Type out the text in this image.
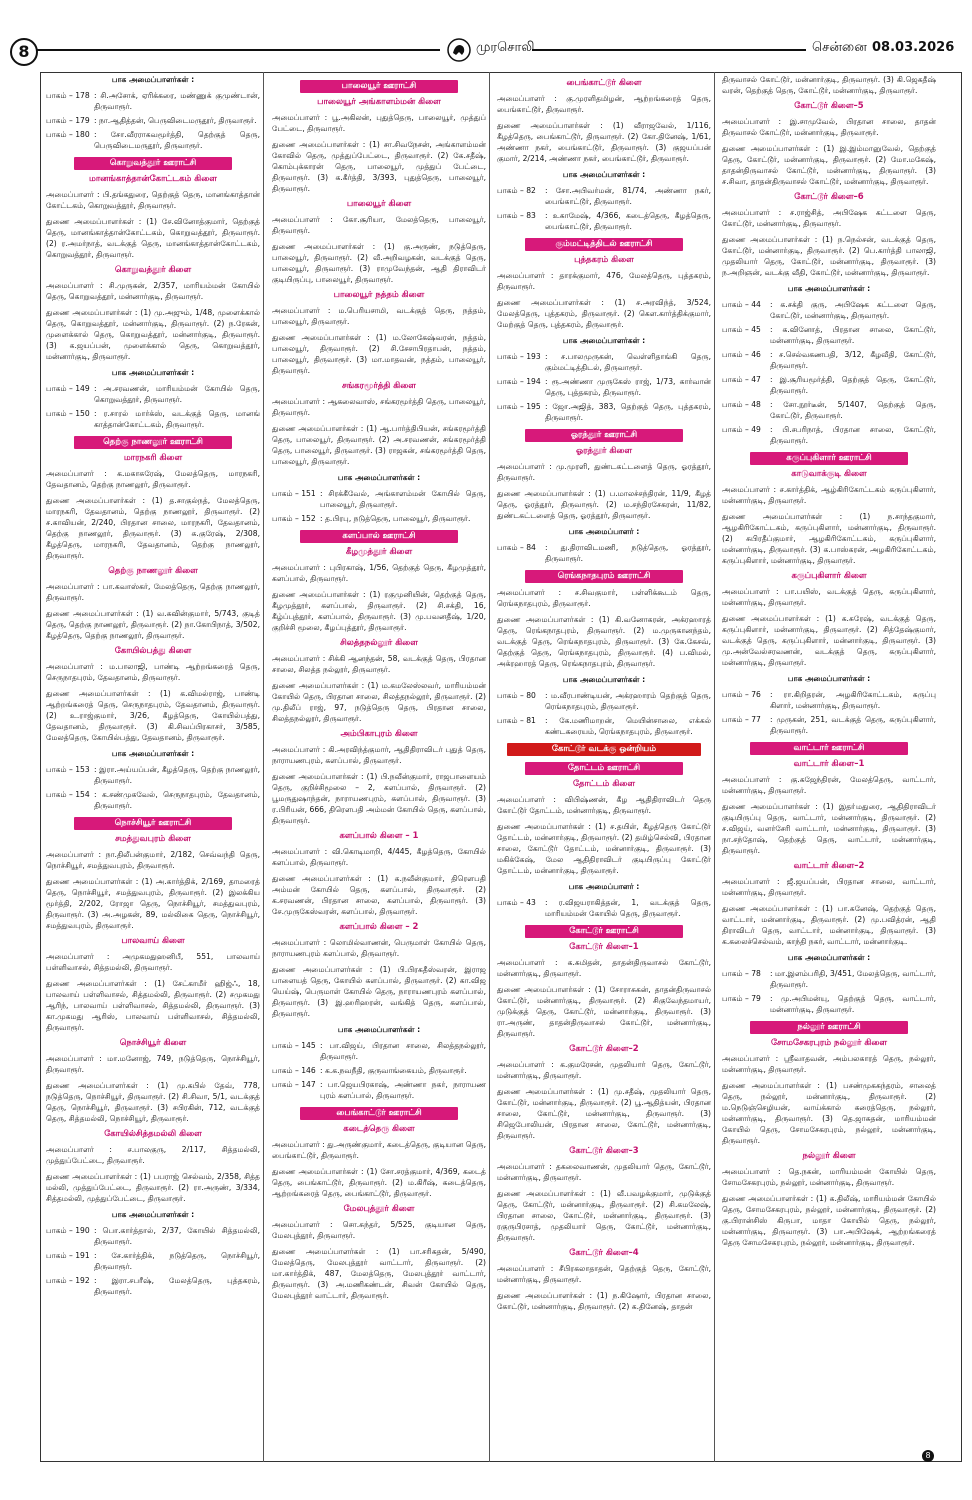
8	முரசொலி	சென்னை 08.03.2026
பாக அமைப்பாளர்கள் :
பாகம் – 178 : சி.அசோக், ஏரிக்கரை, மண்ணுக் குமுண்டான், திருவாரூர்.
பாகம் – 179 : நா.ஆதித்தன், பெருவிடைமருதூர், திருவாரூர்.
பாகம் – 180 : சோ.வீரராகவமூர்த்தி, தெற்குத் தெரு, பெருவிடைமருதூர், திருவாரூர்.
கொறுவத்தூர் ஊராட்சி
மானங்காத்தான்கோட்டகம் கிளை
அமைப்பாளர் : பி.தங்கதுரை, தெற்குத் தெரு, மானங்காத்தான் கோட்டகம், கொறுவத்தூர், திருவாரூர்.
துணை அமைப்பாளர்கள் : (1) சே.வினோத்குமார், தெற்குத் தெரு, மானங்காத்தான்கோட்டகம், கொறுவத்தூர், திருவாரூர். (2) ர.அமர்நாத், வடக்குத் தெரு, மானங்காத்தான்கோட்டகம், கொறுவத்தூர், திருவாரூர்.
கொறுவத்தூர் கிளை
அமைப்பாளர் : சி.முருகன், 2/357, மாரியம்மன் கோயில் தெரு, கொறுவத்தூர், மன்னார்குடி, திருவாரூர்.
துணை அமைப்பாளர்கள் : (1) மு.அஜும், 1/48, முளைக்கால் தெரு, கொறுவத்தூர், மன்னார்குடி, திருவாரூர். (2) ந.ரேகன், முளைக்கால் தெரு, கொறுவத்தூர், மன்னார்குடி, திருவாரூர். (3) க.ஜயப்பன், முளைக்கால் தெரு, கொறுவத்தூர், மன்னார்குடி, திருவாரூர்.
பாக அமைப்பாளர்கள் :
பாகம் – 149 : அ.சரவணன், மாரியம்மன் கோயில் தெரு, கொறுவத்தூர், திருவாரூர்.
பாகம் – 150 : ர.சாரல் மார்க்ஸ், வடக்குத் தெரு, மானங் காத்தான்கோட்டகம், திருவாரூர்.
தெற்கு நாணலூர் ஊராட்சி
மாரநகரி கிளை
அமைப்பாளர் : க.மகாசுரேஷ், மேலத்தெரு, மாரநகரி, தேவதானம், தெற்கு நாணலூர், திருவாரூர்.
துணை அமைப்பாளர்கள் : (1) த.சாகுல்நத், மேலத்தெரு, மாரநகரி, தேவதானம், தெற்கு நாணலூர், திருவாரூர். (2) ச.காவியன், 2/240, பிரதான சாலை, மாரநகரி, தேவதானம், தெற்கு நாணலூர், திருவாரூர். (3) சு.குரேஷ், 2/308, கீழத்தெரு, மாரநகரி, தேவதானம், தெற்கு நாணலூர், திருவாரூர்.
தெற்கு நாணலூர் கிளை
அமைப்பாளர் : பா.கவாஸ்கர், மேலத்தெரு, தெற்கு நாணலூர், திருவாரூர்.
துணை அமைப்பாளர்கள் : (1) வ.சுவின்குமார், 5/743, குடித் தெரு, தெற்கு நாணலூர், திருவாரூர். (2) நா.கோபிநாத், 3/502, கீழத்தெரு, தெற்கு நாணலூர், திருவாரூர்.
கோயில்பத்து கிளை
அமைப்பாளர் : ம.பாலாஜி, பாண்டி ஆற்றங்கரைத் தெரு, செருநாதபுரம், தேவதானம், திருவாரூர்.
துணை அமைப்பாளர்கள் : (1) க.விமல்ராஜ், பாண்டி ஆற்றங்கரைத் தெரு, செருநாதபுரம், தேவதானம், திருவாரூர். (2) உ.ராஜ்குமார், 3/26, கீழத்தெரு, கோயில்பத்து, தேவதானம், திருவாரூர். (3) கி.சிவப்பிரகாசர், 3/585, மேலத்தெரு, கோயில்பத்து, தேவதானம், திருவாரூர்.
பாக அமைப்பாளர்கள் :
பாகம் – 153 : இரா.அய்யப்பன், கீழத்தெரு, தெற்கு நாணலூர், திருவாரூர்.
பாகம் – 154 : க.சண்முகவேல், செருநாதபுரம், தேவதானம், திருவாரூர்.
நொச்சியூர் ஊராட்சி
சமத்துவபுரம் கிளை
அமைப்பாளர் : நா.திலீபன்குமார், 2/182, செவ்வந்தி தெரு, நொச்சியூர், சமத்துவபுரம், திருவாரூர்.
துணை அமைப்பாளர்கள் : (1) அ.கார்த்திக், 2/169, தாமரைத் தெரு, நொச்சியூர், சமத்துவபுரம், திருவாரூர். (2) இலக்கிய மூர்த்தி, 2/202, ரோஜா தெரு, நொச்சியூர், சமத்துவபுரம், திருவாரூர். (3) அ.அழகன், 89, மல்லிகை தெரு, நொச்சியூர், சமத்துவபுரம், திருவாரூர்.
பாலவாய் கிளை
அமைப்பாளர் : அமுகமதுஹனிபீ, 551, பாலவாய் பள்ளிவாசல், சித்தமல்லி, திருவாரூர்.
துணை அமைப்பாளர்கள் : (1) சேட்காமீர் ஹிஜ்ஃ, 18, பாலவாய் பள்ளிவாசல், சித்தமல்லி, திருவாரூர். (2) சமுகமது ஆரிந், பாலவாய் பள்ளிவாசல், சித்தமல்லி, திருவாரூர். (3) கா.முகமது ஆரிஸ், பாலவாய் பள்ளிவாசல், சித்தமல்லி, திருவாரூர்.
நொச்சியூர் கிளை
அமைப்பாளர் : மா.மனோஜ், 749, நடுத்தெரு, நொச்சியூர், திருவாரூர்.
துணை அமைப்பாளர்கள் : (1) மு.கபில் தேவ், 778, நடுத்தெரு, நொச்சியூர், திருவாரூர். (2) சி.சிவா, 5/1, வடக்குத் தெரு, நொச்சியூர், திருவாரூர். (3) சபிரகின், 712, வடக்குத் தெரு, சித்தமல்லி, நொச்சியூர், திருவாரூர்.
கோயில்சித்தமல்லி கிளை
அமைப்பாளர் : ச.பாலகுரு, 2/117, சித்தமல்லி, முத்துப்பேட்டை, திருவாரூர்.
துணை அமைப்பாளர்கள் : (1) பபராஜ் செல்வம், 2/358, சித்த மல்லி, முத்துப்பேட்டை, திருவாரூர். (2) ரா.அருண், 3/334, சித்தமல்லி, முத்துப்பேட்டை, திருவாரூர்.
பாக அமைப்பாளர்கள் :
பாகம் – 190 : பொ.கார்த்தால், 2/37, கோயில் சித்தமல்லி, திருவாரூர்.
பாகம் – 191 : சே.கார்த்திக், நடுத்தெரு, நொச்சியூர், திருவாரூர்.
பாகம் – 192 : இரா.சபரீஷ், மேலத்தெரு, புத்தகரம், திருவாரூர்.
பாலையூர் ஊராட்சி
பாலையூர் அங்காளம்மன் கிளை
அமைப்பாளர் : பூ.அகிலன், புதுத்தெரு, பாலையூர், முத்துப் பேட்டை, திருவாரூர்.
துணை அமைப்பாளர்கள் : (1) சா.சிவநேசன், அங்காளம்மன் கோவில் தெரு, முத்துப்பேட்டை, திருவாரூர். (2) கே.சதீஷ், கொம்புக்காரன் தெரு, பாலையூர், முத்துப் பேட்டை, திருவாரூர். (3) க.கீர்த்தி, 3/393, புதுத்தெரு, பாலையூர், திருவாரூர்.
பாலையூர் கிளை
அமைப்பாளர் : கோ.சூரியா, மேலத்தெரு, பாலையூர், திருவாரூர்.
துணை அமைப்பாளர்கள் : (1) கு.அருண், நடுத்தெரு, பாலையூர், திருவாரூர். (2) வீ.அறிவழகன், வடக்குத் தெரு, பாலையூர், திருவாரூர். (3) ராமுவேந்தன், ஆதி திராவிடர் குடியிருப்பு, பாலையூர், திருவாரூர்.
பாலையூர் நத்தம் கிளை
அமைப்பாளர் : ம.பெரியசாமி, வடக்குத் தெரு, நத்தம், பாலையூர், திருவாரூர்.
துணை அமைப்பாளர்கள் : (1) ம.லோகேஷ்வரன், நத்தம், பாலையூர், திருவாரூர். (2) சி.சேசாபிரதாபன், நத்தம், பாலையூர், திருவாரூர். (3) மா.மாதவன், நத்தம், பாலையூர், திருவாரூர்.
சங்கரமூர்த்தி கிளை
அமைப்பாளர் : ஆகலைவாஸ், சங்கரமூர்த்தி தெரு, பாலையூர், திருவாரூர்.
துணை அமைப்பாளர்கள் : (1) ஆ.பார்த்திபியன், சங்கரமூர்த்தி தெரு, பாலையூர், திருவாரூர். (2) அ.சரவணன், சங்கரமூர்த்தி தெரு, பாலையூர், திருவாரூர். (3) ராஜகன், சங்கரமூர்த்தி தெரு, பாலையூர், திருவாரூர்.
பாக அமைப்பாளர்கள் :
பாகம் – 151 : சிரக்கீவேல், அங்காளம்மன் கோயில் தெரு, பாலையூர், திருவாரூர்.
பாகம் – 152 : த.பிரபு, நடுத்தெரு, பாலையூர், திருவாரூர்.
களப்பால் ஊராட்சி
கீழமுத்தூர் கிளை
அமைப்பாளர் : புபிரகாஷ், 1/56, தெற்குத் தெரு, கீழமுத்தூர், களப்பால், திருவாரூர்.
துணை அமைப்பாளர்கள் : (1) ரகுமுனியின், தெற்குத் தெரு, கீழமுத்தூர், களப்பால், திருவாரூர். (2) சி.சக்தி, 16, கீழ்ப்புத்தூர், களப்பால், திருவாரூர். (3) மு.பவனதீஷ், 1/20, குறிச்சி மூலை, கீழப்புத்தூர், திருவாரூர்.
சிலத்தநல்லூர் கிளை
அமைப்பாளர் : சிக்கி ஆனந்தன், 58, வடக்குத் தெரு, பிரதான சாலை, சிலத்த நல்லூர், திருவாரூர்.
துணை அமைப்பாளர்கள் : (1) ம.கமலேஸ்லவர், மாரியம்மன் கோயில் தெரு, பிரதான சாலை, சிலத்தநல்லூர், திருவாரூர். (2) மு.திலீப் ராஜ், 97, நடுத்தெரு தெரு, பிரதான சாலை, சிலத்தநல்லூர், திருவாரூர்.
அம்பிகாபுரம் கிளை
அமைப்பாளர் : கி.அரவிந்த்குமார், ஆதிதிராவிடர் புதுத் தெரு, நாராயணபுரம், களப்பால், திருவாரூர்.
துணை அமைப்பாளர்கள் : (1) பி.நவீன்குமார், ராஜபாளையம் தெரு, குறிச்சிமூலை – 2, களப்பால், திருவாரூர். (2) பூமருதுஷாந்தன், நாராயணபுரம், களப்பால், திருவாரூர். (3) ர.பிரியன், 666, திரௌபதி அம்மன் கோயில் தெரு, களப்பால், திருவாரூர்.
களப்பால் கிளை – 1
அமைப்பாளர் : வி.கொடிமாறி, 4/445, கீழத்தெரு, கோயில் களப்பால், திருவாரூர்.
துணை அமைப்பாளர்கள் : (1) க.நவீன்குமார், திரௌபதி அம்மன் கோயில் தெரு, களப்பால், திருவாரூர். (2) க.சரவணன், பிரதான சாலை, களப்பால், திருவாரூர். (3) சே.முருகேஸ்வரன், களப்பால், திருவாரூர்.
களப்பால் கிளை – 2
அமைப்பாளர் : லொமில்வாணன், பெருமாள் கோயில் தெரு, நாராயணபுரம் களப்பால், திருவாரூர்.
துணை அமைப்பாளர்கள் : (1) பி.பிரகதீஸ்வரன், இராஜ பாளையத் தெரு, கோயில் களப்பால், திருவாரூர். (2) கா.விஜ யெய்ஷ், பெருமாள் கோயில் தெரு, நாராயணபுரம் களப்பால், திருவாரூர். (3) இ.ஹரிஹரன், வங்கித் தெரு, களப்பால், திருவாரூர்.
பாக அமைப்பாளர்கள் :
பாகம் – 145 : பா.விஜய், பிரதான சாலை, சிலத்தநல்லூர், திருவாரூர்.
பாகம் – 146 : க.க.நவநீதி, குருவாங்கையம், திருவாரூர்.
பாகம் – 147 : பா.ஜெயபிரகாஷ், அண்ணா நகர், நாராயண புரம் களப்பால், திருவாரூர்.
பைங்காட்டூர் ஊராட்சி
கடைத்தெரு கிளை
அமைப்பாளர் : து.அருண்குமார், கடைத்தெரு, குடியான தெரு, பைங்காட்டூர், திருவாரூர்.
துணை அமைப்பாளர்கள் : (1) சோ.சரத்குமார், 4/369, கடைத் தெரு, பைங்காட்டூர், திருவாரூர். (2) ம.கிரீஷ், கடைத்தெரு, ஆற்றங்கரைத் தெரு, பைங்காட்டூர், திருவாரூர்.
மேலபுத்தூர் கிளை
அமைப்பாளர் : சொ.சுந்தர், 5/525, குடியான தெரு, மேலபுத்தூர், திருவாரூர்.
துணை அமைப்பாளர்கள் : (1) பா.சரிகதன், 5/490, மேலத்தெரு, மேலபுத்தூர் வாட்டார், திருவாரூர். (2) மா.கார்த்திக், 487, மேலத்தெரு, மேலபுத்தூர் வாட்டார், திருவாரூர். (3) அ.மணிகண்டன், சிவன் கோயில் தெரு, மேலபுத்தூர் வாட்டார், திருவாரூர்.
பைங்காட்டூர் கிளை
அமைப்பாளர் : கு.முரளிதமிழன், ஆற்றங்கரைத் தெரு, பைங்காட்டூர், திருவாரூர்.
துணை அமைப்பாளர்கள் : (1) வீராஜவேல், 1/116, கீழத்தெரு, பைங்காட்டூர், திருவாரூர். (2) கோ.தினேஷ், 1/61, அண்ணா நகர், பைங்காட்டூர், திருவாரூர். (3) குஜயப்பன் குமார், 2/214, அண்ணா நகர், பைங்காட்டூர், திருவாரூர்.
பாக அமைப்பாளர்கள் :
பாகம் – 82	: சோ.அபிவர்மன், 81/74, அண்ணா நகர், பைங்காட்டூர், திருவாரூர்.
பாகம் – 83	: உகாமேஷ், 4/366, கடைத்தெரு, கீழத்தெரு, பைங்காட்டூர், திருவாரூர்.
கும்மட்டித்திடல் ஊராட்சி
புத்தகரம் கிளை
அமைப்பாளர் : தாரக்குமார், 476, மேலத்தெரு, புத்தகரம், திருவாரூர்.
துணை அமைப்பாளர்கள் : (1) ச.அரவிந்த், 3/524, மேலத்தெரு, புத்தகரம், திருவாரூர். (2) கௌ.கார்த்திக்குமார், மேற்குத் தெரு, புத்தகரம், திருவாரூர்.
பாக அமைப்பாளர்கள் :
பாகம் – 193 : ச.பாலமுருகன், வெள்ளிதாங்கி தெரு, கும்மட்டித்திடல், திருவாரூர்.
பாகம் – 194 : ரூ.அண்ணா முருகேஸ் ராஜ், 1/73, கார்வான் தெரு, புத்தகரம், திருவாரூர்.
பாகம் – 195 : ஜோ.அஜித், 383, தெற்குத் தெரு, புத்தகரம், திருவாரூர்.
ஓரத்தூர் ஊராட்சி
ஓரத்தூர் கிளை
அமைப்பாளர் : மு.முரளி, துண்டகட்டளைத் தெரு, ஓரத்தூர், திருவாரூர்.
துணை அமைப்பாளர்கள் : (1) ப.மாலச்சந்திரன், 11/9, கீழத் தெரு, ஓரத்தூர், திருவாரூர். (2) ம.சந்திரசேகரன், 11/82, துண்டகட்டளைத் தெரு, ஓரத்தூர், திருவாரூர்.
பாக அமைப்பாளர் :
பாகம் – 84	: து.திராவிடமணி, நடுத்தெரு, ஓரத்தூர், திருவாரூர்.
ரெங்கநாதபுரம் ஊராட்சி
அமைப்பாளர் : ச.சிவகுமார், பள்ளிக்கூடம் தெரு, ரெங்கநாதபுரம், திருவாரூர்.
துணை அமைப்பாளர்கள் : (1) கி.வனோகரன், அக்ரஹாரத் தெரு, ரெங்கநாதபுரம், திருவாரூர். (2) ம.முருகானந்தம், வடக்குத் தெரு, ரெங்கநாதபுரம், திருவாரூர். (3) கே.கேசவ், தெற்குத் தெரு, ரெங்கநாதபுரம், திருவாரூர். (4) ப.விமல், அக்ரஹாரத் தெரு, ரெங்கநாதபுரம், திருவாரூர்.
பாக அமைப்பாளர்கள் :
பாகம் – 80	: ம.வீரபாண்டியன், அக்ரஹாரம் தெற்குத் தெரு, ரெங்கநாதபுரம், திருவாரூர்.
பாகம் – 81	: கே.மணிமாறன், மெயின்சாலை, எக்கல் கண்டகரையம், ரெங்கநாதபுரம், திருவாரூர்.
கோட்டூர் வடக்கு ஒன்றியம்
தோட்டம் ஊராட்சி
தோட்டம் கிளை
அமைப்பாளர் : விபிஷ்ணன், கீழ ஆதிதிராவிடர் தெரு கோட்டூர் தோட்டம், மன்னார்குடி, திருவாரூர்.
துணை அமைப்பாளர்கள் : (1) ச.தயிள், கீழத்தெரு கோட்டூர் தோட்டம், மன்னார்குடி, திருவாரூர். (2) தமிழ்செல்வி, பிரதான சாலை, கோட்டூர் தோட்டம், மன்னார்குடி, திருவாரூர். (3) மகிக்கேஷ், மேல ஆதிதிராவிடர் குடியிருப்பு கோட்டூர் தோட்டம், மன்னார்குடி, திருவாரூர்.
பாக அமைப்பாளர் :
பாகம் – 43	: ர.விஜயராகித்தன், 1, வடக்குத் தெரு, மாரியம்மன் கோயில் தெரு, திருவாரூர்.
கோட்டூர் ஊராட்சி
கோட்டூர் கிளை–1
அமைப்பாளர் : க.சுமிதன், தாதன்திருவாசல் கோட்டூர், மன்னார்குடி, திருவாரூர்.
துணை அமைப்பாளர்கள் : (1) சோராசுகன், தாதன்திருவாசல் கோட்டூர், மன்னார்குடி, திருவாரூர். (2) சிகுவேந்தமாயர், முடுக்குத் தெரு, கோட்டூர், மன்னார்குடி, திருவாரூர். (3) ரா.அருண், தாதன்திருவாசல் கோட்டூர், மன்னார்குடி, திருவாரூர்.
கோட்டூர் கிளை–2
அமைப்பாளர் : க.குமரேசன், முதலியார் தெரு, கோட்டூர், மன்னார்குடி, திருவாரூர்.
துணை அமைப்பாளர்கள் : (1) மு.சதீஷ், முதலியார் தெரு, கோட்டூர், மன்னார்குடி, திருவாரூர். (2) பூ.ஆதித்யன், பிரதான சாலை, கோட்டூர், மன்னார்குடி, திருவாரூர். (3) சிஜெபோலியன், பிரதான சாலை, கோட்டூர், மன்னார்குடி, திருவாரூர்.
கோட்டூர் கிளை–3
அமைப்பாளர் : தகலைவாணன், முதலியார் தெரு, கோட்டூர், மன்னார்குடி, திருவாரூர்.
துணை அமைப்பாளர்கள் : (1) வீ.பவழக்குமார், முடுக்குத் தெரு, கோட்டூர், மன்னார்குடி, திருவாரூர். (2) சி.கமலேஷ், பிரதான சாலை, கோட்டூர், மன்னார்குடி, திருவாரூர். (3) ரகுருபிரசாத், முதலியார் தெரு, கோட்டூர், மன்னார்குடி, திருவாரூர்.
கோட்டூர் கிளை–4
அமைப்பாளர் : சீபிரகலாதாதன், தெற்குத் தெரு, கோட்டூர், மன்னார்குடி, திருவாரூர்.
துணை அமைப்பாளர்கள் : (1) ந.கிஷோர், பிரதான சாலை, கோட்டூர், மன்னார்குடி, திருவாரூர். (2) க.தினேஷ், தாதன்
திருவாசல் கோட்டூர், மன்னார்குடி, திருவாரூர். (3) கி.ஜெகதீஷ் வரன், தெற்குத் தெரு, கோட்டூர், மன்னார்குடி, திருவாரூர்.
கோட்டூர் கிளை–5
அமைப்பாளர் : இ.சாமுவேல், பிரதான சாலை, தாதன் திருவாசல் கோட்டூர், மன்னார்குடி, திருவாரூர்.
துணை அமைப்பாளர்கள் : (1) இ.இம்மானுவேல், தெற்குத் தெரு, கோட்டூர், மன்னார்குடி, திருவாரூர். (2) மோ.மகேஷ், தாதன்திருவாசல் கோட்டூர், மன்னார்குடி, திருவாரூர். (3) ச.சிவா, தாதன்திருவாசல் கோட்டூர், மன்னார்குடி, திருவாரூர்.
கோட்டூர் கிளை–6
அமைப்பாளர் : ச.ராஜ்சித், அபிஷேக கட்டளை தெரு, கோட்டூர், மன்னார்குடி, திருவாரூர்.
துணை அமைப்பாளர்கள் : (1) ந.நெல்சன், வடக்குத் தெரு, கோட்டூர், மன்னார்குடி, திருவாரூர். (2) பெ.கார்த்தி பாலாஜி, முதலியார் தெரு, கோட்டூர், மன்னார்குடி, திருவாரூர். (3) ந.அறிஞன், வடக்கு வீதி, கோட்டூர், மன்னார்குடி, திருவாரூர்.
பாக அமைப்பாளர்கள் :
பாகம் – 44	: க.சக்தி குரு, அபிஷேக கட்டளை தெரு, கோட்டூர், மன்னார்குடி, திருவாரூர்.
பாகம் – 45	: க.வினோத், பிரதான சாலை, கோட்டூர், மன்னார்குடி, திருவாரூர்.
பாகம் – 46	: ச.செல்வகணபதி, 3/12, கீழவீதி, கோட்டூர், திருவாரூர்.
பாகம் – 47	: இ.சூரியமூர்த்தி, தெற்குத் தெரு, கோட்டூர், திருவாரூர்.
பாகம் – 48	: சோ.நூர்டீன், 5/1407, தெற்குத் தெரு, கோட்டூர், திருவாரூர்.
பாகம் – 49	: பி.சபரிநாத், பிரதான சாலை, கோட்டூர், திருவாரூர்.
கருப்புகிளார் ஊராட்சி
காடுவாக்குடி கிளை
அமைப்பாளர் : ச.கார்த்திக், ஆழ்கிரிகோட்டகம் கருப்புகிளார், மன்னார்குடி, திருவாரூர்.
துணை அமைப்பாளர்கள் : (1) ந.சாந்தகுமார், ஆழகிரிகோட்டகம், கருப்புகிளார், மன்னார்குடி, திருவாரூர். (2) சுபிரதீப்குமார், ஆழகிரிகோட்டகம், கருப்புகிளார், மன்னார்குடி, திருவாரூர். (3) க.பாஸ்கரன், அழகிரிகோட்டகம், கருப்புகிளார், மன்னார்குடி, திருவாரூர்.
கருப்புகிளார் கிளை
அமைப்பாளர் : பா.பயிஸ், வடக்குத் தெரு, கருப்புகிளார், மன்னார்குடி, திருவாரூர்.
துணை அமைப்பாளர்கள் : (1) க.சுரேஷ், வடக்குத் தெரு, கருப்புகிளார், மன்னார்குடி, திருவாரூர். (2) சித்தேஷ்குமார், வடக்குத் தெரு, கருப்புகிளார், மன்னார்குடி, திருவாரூர். (3) மு.அன்வேல்சரவணன், வடக்குத் தெரு, கருப்புகிளார், மன்னார்குடி, திருவாரூர்.
பாக அமைப்பாளர்கள் :
பாகம் – 76	: ரா.கிறிதரன், அழகிரிகோட்டகம், கருப்பு கிளார், மன்னார்குடி, திருவாரூர்.
பாகம் – 77	: முருகன், 251, வடக்குத் தெரு, கருப்புகிளார், திருவாரூர்.
வாட்டார் ஊராட்சி
வாட்டார் கிளை–1
அமைப்பாளர் : கு.கஜேந்திரன், மேலத்தெரு, வாட்டார், மன்னார்குடி, திருவாரூர்.
துணை அமைப்பாளர்கள் : (1) இதா்மதுரை, ஆதிதிராவிடர் குடியிருப்பு தெரு, வாட்டார், மன்னார்குடி, திருவாரூர். (2) ச.விஜய், வளர்சேரி வாட்டார், மன்னார்குடி, திருவாரூர். (3) நா.சந்தோஷ், தெற்குத் தெரு, வாட்டார், மன்னார்குடி, திருவாரூர்.
வாட்டார் கிளை–2
அமைப்பாளர் : ஜீ.ஜயப்பன், பிரதான சாலை, வாட்டார், மன்னார்குடி, திருவாரூர்.
துணை அமைப்பாளர்கள் : (1) பா.கனேஷ், தெற்குத் தெரு, வாட்டார், மன்னார்குடி, திருவாரூர். (2) மு.பவித்ரன், ஆதி திராவிடர் தெரு, வாட்டார், மன்னார்குடி, திருவாரூர். (3) க.கலைச்செல்வம், காந்தி நகர், வாட்டார், மன்னார்குடி.
பாக அமைப்பாளர்கள் :
பாகம் – 78	: மா.இளம்பரிதி, 3/451, மேலத்தெரு, வாட்டார், திருவாரூர்.
பாகம் – 79	: மு.அபிமன்யு, தெற்குத் தெரு, வாட்டார், மன்னார்குடி, திருவாரூர்.
நல்லூர் ஊராட்சி
சோமசேகரபுரம் நல்லூர் கிளை
அமைப்பாளர் : ஸ்ரீவாதவன், அம்பலகாரத் தெரு, நல்லூர், மன்னார்குடி, திருவாரூர்.
துணை அமைப்பாளர்கள் : (1) பசண்முகசுந்தரம், சாலைத் தெரு, நல்லூர், மன்னார்குடி, திருவாரூர். (2) ம.நெடுஞ்செழியன், வாய்க்கால் கரைத்தெரு, நல்லூர், மன்னார்குடி, திருவாரூர். (3) தெ.ஜாசுதன், மாரியம்மன் கோயில் தெரு, சோமசேகரபுரம், நல்லூர், மன்னார்குடி, திருவாரூர்.
நல்லூர் கிளை
அமைப்பாளர் : தெ.நகன், மாரியம்மன் கோயில் தெரு, சோமசேகரபுரம், நல்லூர், மன்னார்குடி, திருவாரூர்.
துணை அமைப்பாளர்கள் : (1) க.திலீஷ், மாரியம்மன் கோயில் தெரு, சோமசேகரபுரம், நல்லூர், மன்னார்குடி, திருவாரூர். (2) கு.பிரான்சிஸ் கிருபா, மாதா கோயில் தெரு, நல்லூர், மன்னார்குடி, திருவாரூர். (3) பா.அபிஷேக், ஆற்றங்கரைத் தெரு சோமசேகரபுரம், நல்லூர், மன்னார்குடி, திருவாரூர்.
8
